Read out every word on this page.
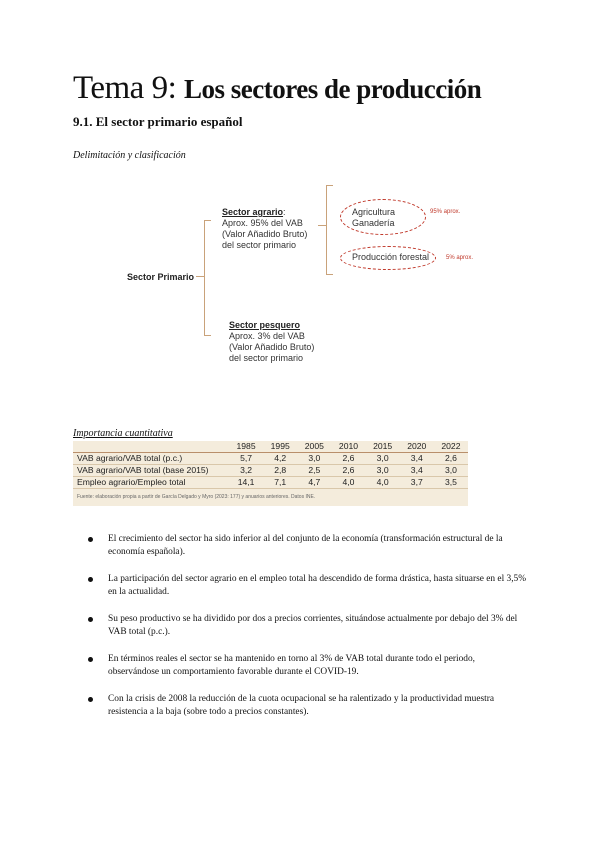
Tema 9: Los sectores de producción
9.1. El sector primario español
Delimitación y clasificación
Sector Primario
Sector agrario:
Aprox. 95% del VAB
(Valor Añadido Bruto)
del sector primario
Sector pesquero
Aprox. 3% del VAB
(Valor Añadido Bruto)
del sector primario
Agricultura
Ganadería
95% aprox.
Producción forestal	5% aprox.
Importancia cuantitativa
	1985	1995	2005	2010	2015	2020	2022
VAB agrario/VAB total (p.c.)	5,7	4,2	3,0	2,6	3,0	3,4	2,6
VAB agrario/VAB total (base 2015)	3,2	2,8	2,5	2,6	3,0	3,4	3,0
Empleo agrario/Empleo total	14,1	7,1	4,7	4,0	4,0	3,7	3,5
Fuente: elaboración propia a partir de García Delgado y Myro (2023: 177) y anuarios anteriores. Datos INE.
El crecimiento del sector ha sido inferior al del conjunto de la economía (transformación estructural de la economía española).
La participación del sector agrario en el empleo total ha descendido de forma drástica, hasta situarse en el 3,5% en la actualidad.
Su peso productivo se ha dividido por dos a precios corrientes, situándose actualmente por debajo del 3% del VAB total (p.c.).
En términos reales el sector se ha mantenido en torno al 3% de VAB total durante todo el periodo, observándose un comportamiento favorable durante el COVID-19.
Con la crisis de 2008 la reducción de la cuota ocupacional se ha ralentizado y la productividad muestra resistencia a la baja (sobre todo a precios constantes).
